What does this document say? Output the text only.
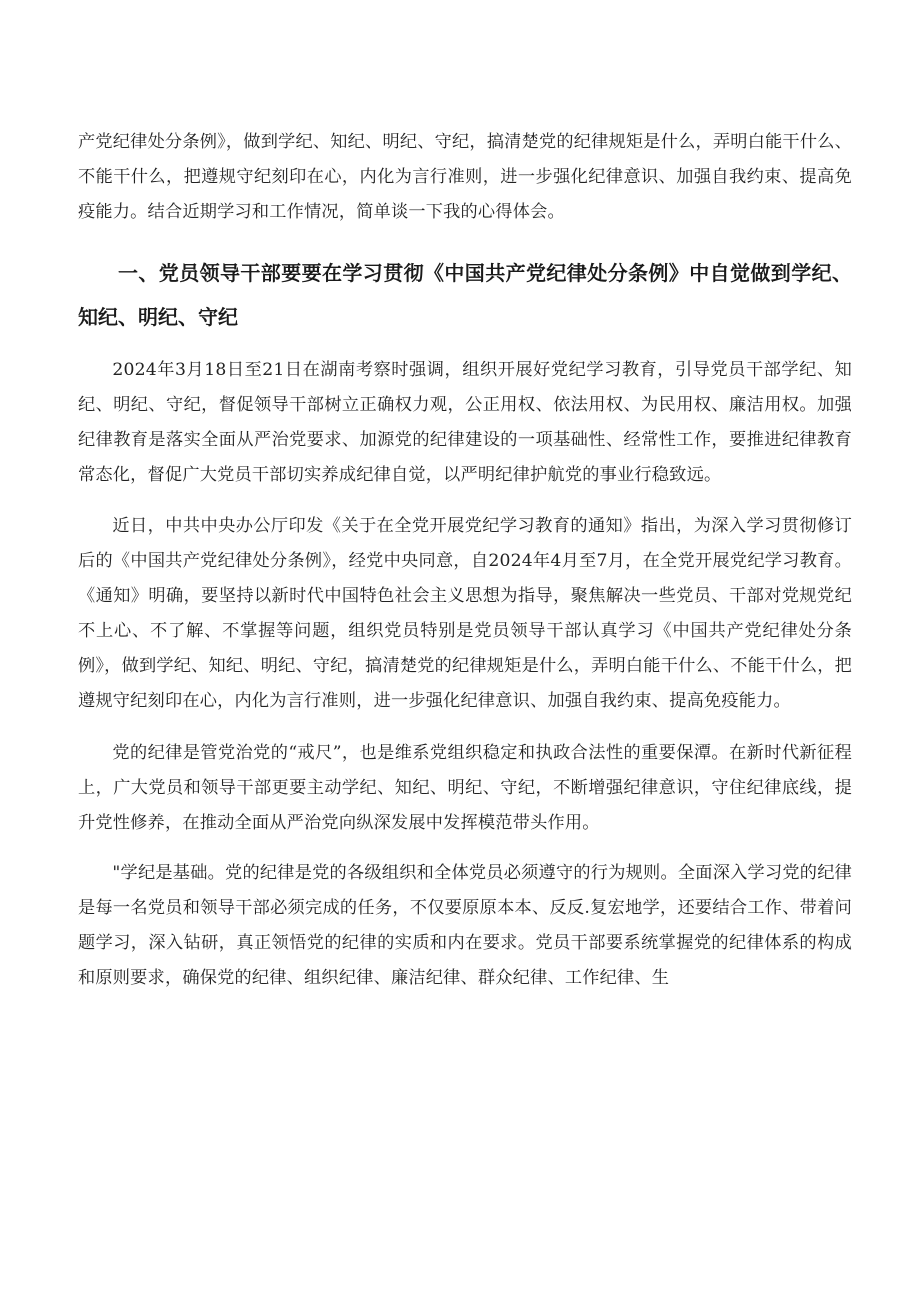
产党纪律处分条例》，做到学纪、知纪、明纪、守纪，搞清楚党的纪律规矩是什么，弄明白能干什么、不能干什么，把遵规守纪刻印在心，内化为言行准则，进一步强化纪律意识、加强自我约束、提高免疫能力。结合近期学习和工作情况，简单谈一下我的心得体会。

一、党员领导干部要要在学习贯彻《中国共产党纪律处分条例》中自觉做到学纪、知纪、明纪、守纪

2024年3月18日至21日在湖南考察时强调，组织开展好党纪学习教育，引导党员干部学纪、知纪、明纪、守纪，督促领导干部树立正确权力观，公正用权、依法用权、为民用权、廉洁用权。加强纪律教育是落实全面从严治党要求、加源党的纪律建设的一项基础性、经常性工作，要推进纪律教育常态化，督促广大党员干部切实养成纪律自觉，以严明纪律护航党的事业行稳致远。

近日，中共中央办公厅印发《关于在全党开展党纪学习教育的通知》指出，为深入学习贯彻修订后的《中国共产党纪律处分条例》，经党中央同意，自2024年4月至7月，在全党开展党纪学习教育。《通知》明确，要坚持以新时代中国特色社会主义思想为指导，聚焦解决一些党员、干部对党规党纪不上心、不了解、不掌握等问题，组织党员特别是党员领导干部认真学习《中国共产党纪律处分条例》，做到学纪、知纪、明纪、守纪，搞清楚党的纪律规矩是什么，弄明白能干什么、不能干什么，把遵规守纪刻印在心，内化为言行准则，进一步强化纪律意识、加强自我约束、提高免疫能力。

党的纪律是管党治党的“戒尺”，也是维系党组织稳定和执政合法性的重要保潭。在新时代新征程上，广大党员和领导干部更要主动学纪、知纪、明纪、守纪，不断增强纪律意识，守住纪律底线，提升党性修养，在推动全面从严治党向纵深发展中发挥模范带头作用。

"学纪是基础。党的纪律是党的各级组织和全体党员必须遵守的行为规则。全面深入学习党的纪律是每一名党员和领导干部必须完成的任务，不仅要原原本本、反反.复宏地学，还要结合工作、带着问题学习，深入钻研，真正领悟党的纪律的实质和内在要求。党员干部要系统掌握党的纪律体系的构成和原则要求，确保党的纪律、组织纪律、廉洁纪律、群众纪律、工作纪律、生
